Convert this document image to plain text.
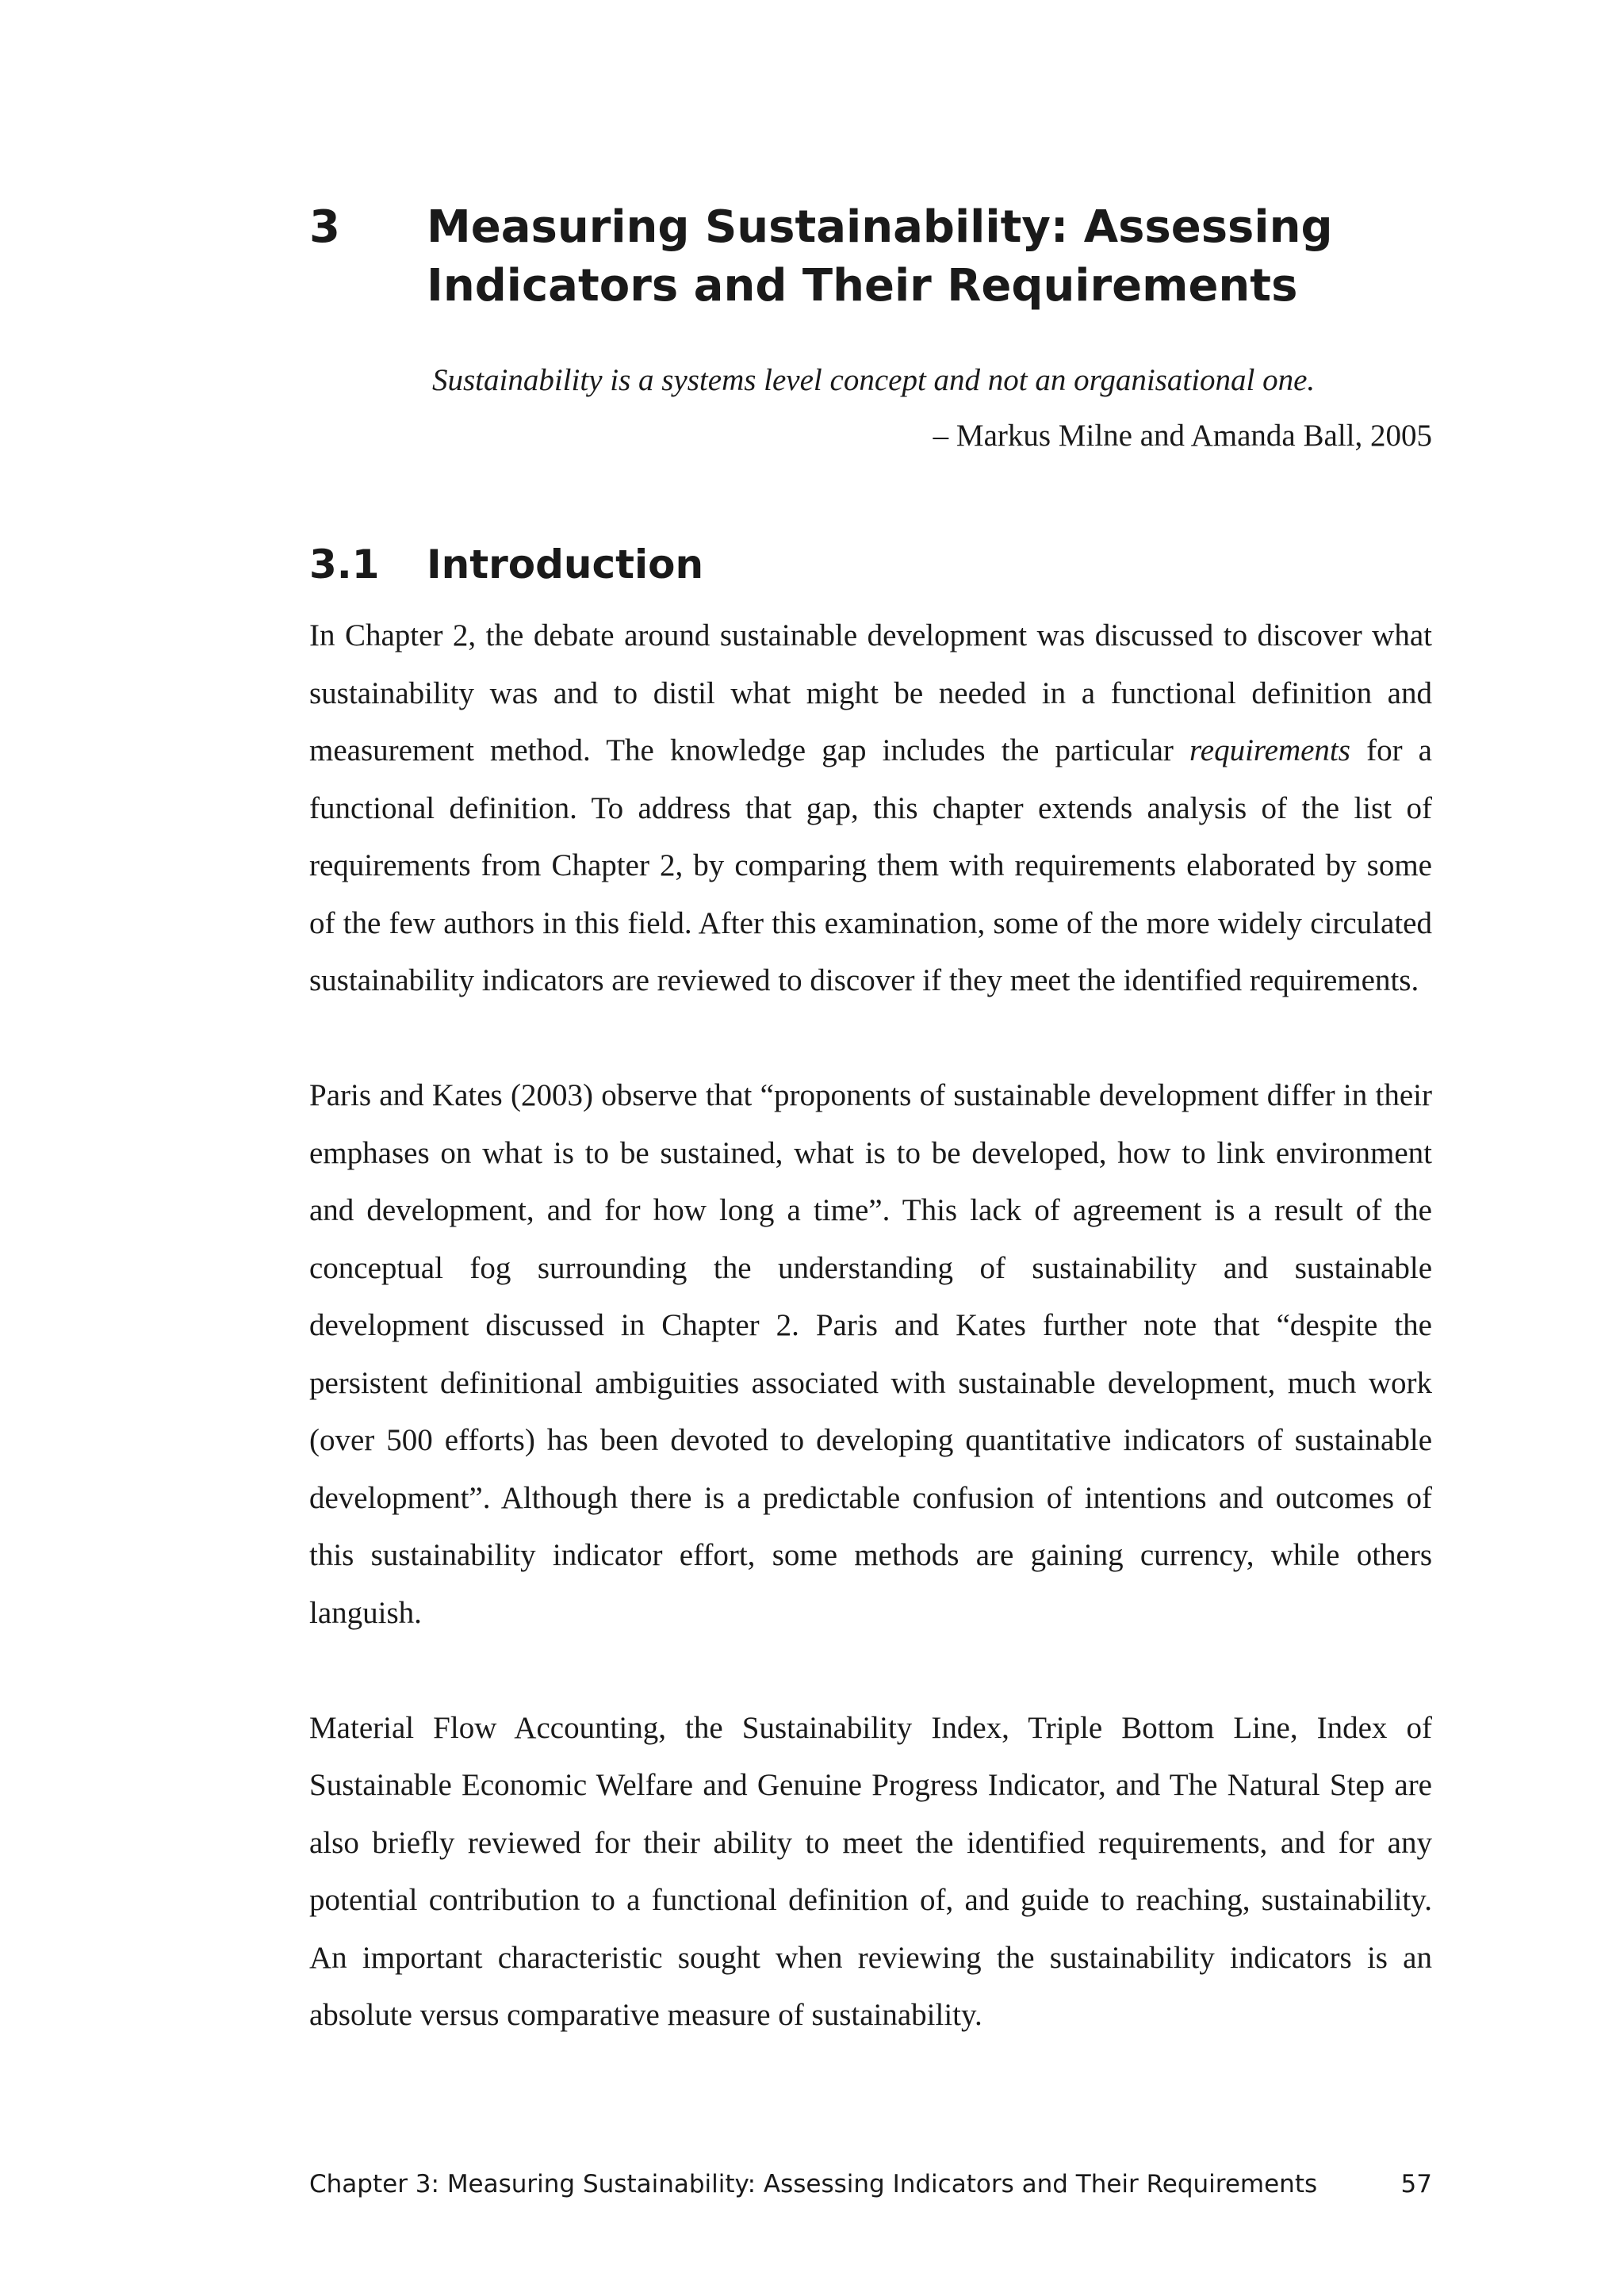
3 Measuring Sustainability: Assessing Indicators and Their Requirements
Sustainability is a systems level concept and not an organisational one.
– Markus Milne and Amanda Ball, 2005
3.1 Introduction

In Chapter 2, the debate around sustainable development was discussed to discover what sustainability was and to distil what might be needed in a functional definition and measurement method. The knowledge gap includes the particular requirements for a functional definition. To address that gap, this chapter extends analysis of the list of requirements from Chapter 2, by comparing them with requirements elaborated by some of the few authors in this field. After this examination, some of the more widely circulated sustainability indicators are reviewed to discover if they meet the identified requirements.

Paris and Kates (2003) observe that “proponents of sustainable development differ in their emphases on what is to be sustained, what is to be developed, how to link environment and development, and for how long a time”. This lack of agreement is a result of the conceptual fog surrounding the understanding of sustainability and sustainable development discussed in Chapter 2. Paris and Kates further note that “despite the persistent definitional ambiguities associated with sustainable development, much work (over 500 efforts) has been devoted to developing quantitative indicators of sustainable development”. Although there is a predictable confusion of intentions and outcomes of this sustainability indicator effort, some methods are gaining currency, while others languish.

Material Flow Accounting, the Sustainability Index, Triple Bottom Line, Index of Sustainable Economic Welfare and Genuine Progress Indicator, and The Natural Step are also briefly reviewed for their ability to meet the identified requirements, and for any potential contribution to a functional definition of, and guide to reaching, sustainability. An important characteristic sought when reviewing the sustainability indicators is an absolute versus comparative measure of sustainability.

Chapter 3: Measuring Sustainability: Assessing Indicators and Their Requirements	57
